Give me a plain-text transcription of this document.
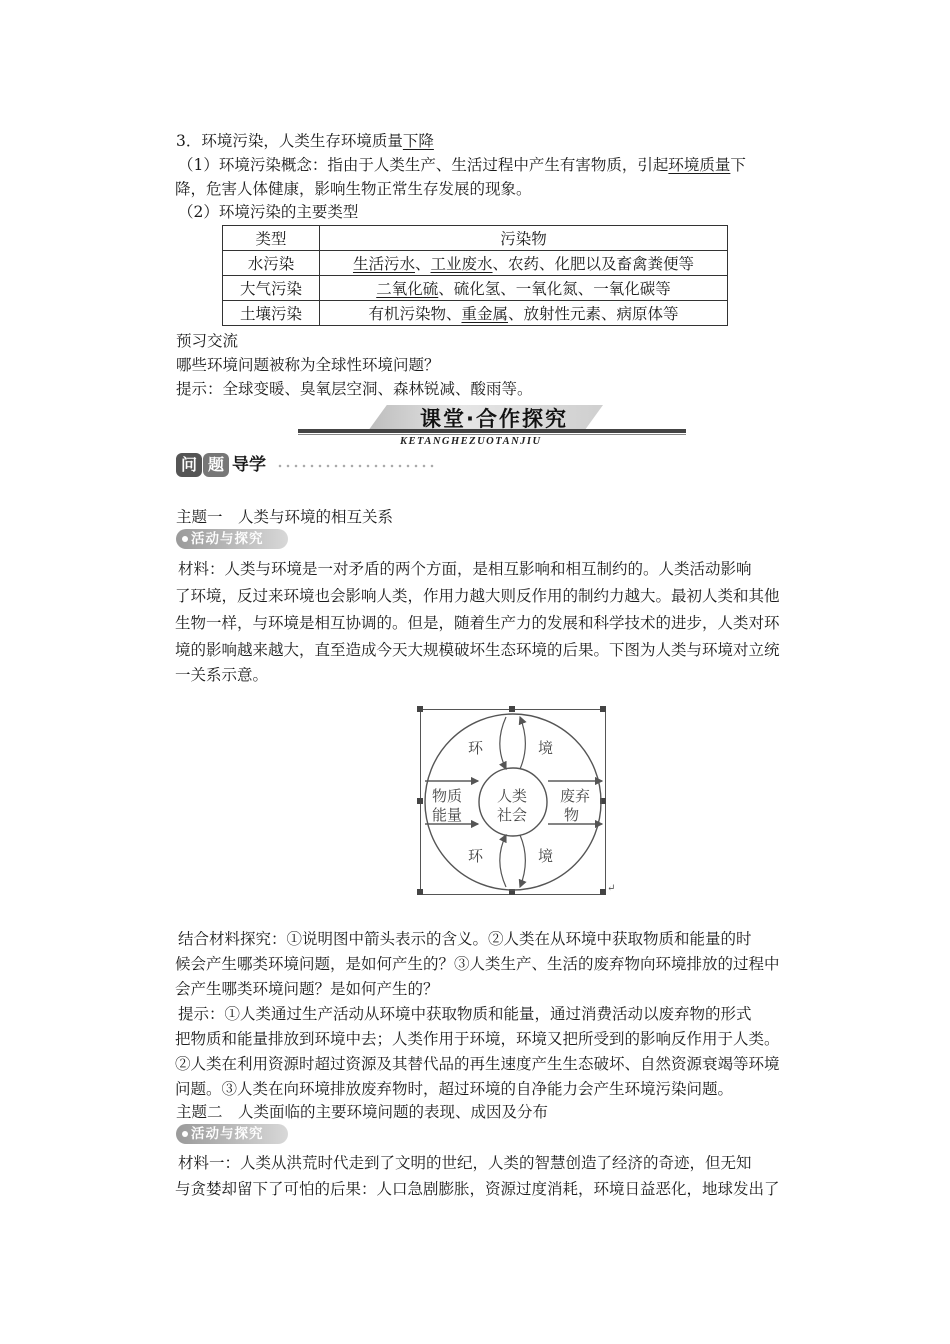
3．环境污染，人类生存环境质量下降
（1）环境污染概念：指由于人类生产、生活过程中产生有害物质，引起环境质量下
降，危害人体健康，影响生物正常生存发展的现象。
（2）环境污染的主要类型
类型	污染物
水污染	生活污水、工业废水、农药、化肥以及畜禽粪便等
大气污染	二氧化硫、硫化氢、一氧化氮、一氧化碳等
土壤污染	有机污染物、重金属、放射性元素、病原体等
预习交流
哪些环境问题被称为全球性环境问题？
提示：全球变暖、臭氧层空洞、森林锐减、酸雨等。
课堂·合作探究
KETANGHEZUOTANJIU
问 题 导学
主题一　人类与环境的相互关系
活动与探究
材料：人类与环境是一对矛盾的两个方面，是相互影响和相互制约的。人类活动影响
了环境，反过来环境也会影响人类，作用力越大则反作用的制约力越大。最初人类和其他
生物一样，与环境是相互协调的。但是，随着生产力的发展和科学技术的进步，人类对环
境的影响越来越大，直至造成今天大规模破坏生态环境的后果。下图为人类与环境对立统
一关系示意。
环	境
环	境
物质
能量
人类
社会
废弃
物
↵
结合材料探究：①说明图中箭头表示的含义。②人类在从环境中获取物质和能量的时
候会产生哪类环境问题，是如何产生的？③人类生产、生活的废弃物向环境排放的过程中
会产生哪类环境问题？是如何产生的？
提示：①人类通过生产活动从环境中获取物质和能量，通过消费活动以废弃物的形式
把物质和能量排放到环境中去；人类作用于环境，环境又把所受到的影响反作用于人类。
②人类在利用资源时超过资源及其替代品的再生速度产生生态破坏、自然资源衰竭等环境
问题。③人类在向环境排放废弃物时，超过环境的自净能力会产生环境污染问题。
主题二　人类面临的主要环境问题的表现、成因及分布
活动与探究
材料一：人类从洪荒时代走到了文明的世纪，人类的智慧创造了经济的奇迹，但无知
与贪婪却留下了可怕的后果：人口急剧膨胀，资源过度消耗，环境日益恶化，地球发出了
